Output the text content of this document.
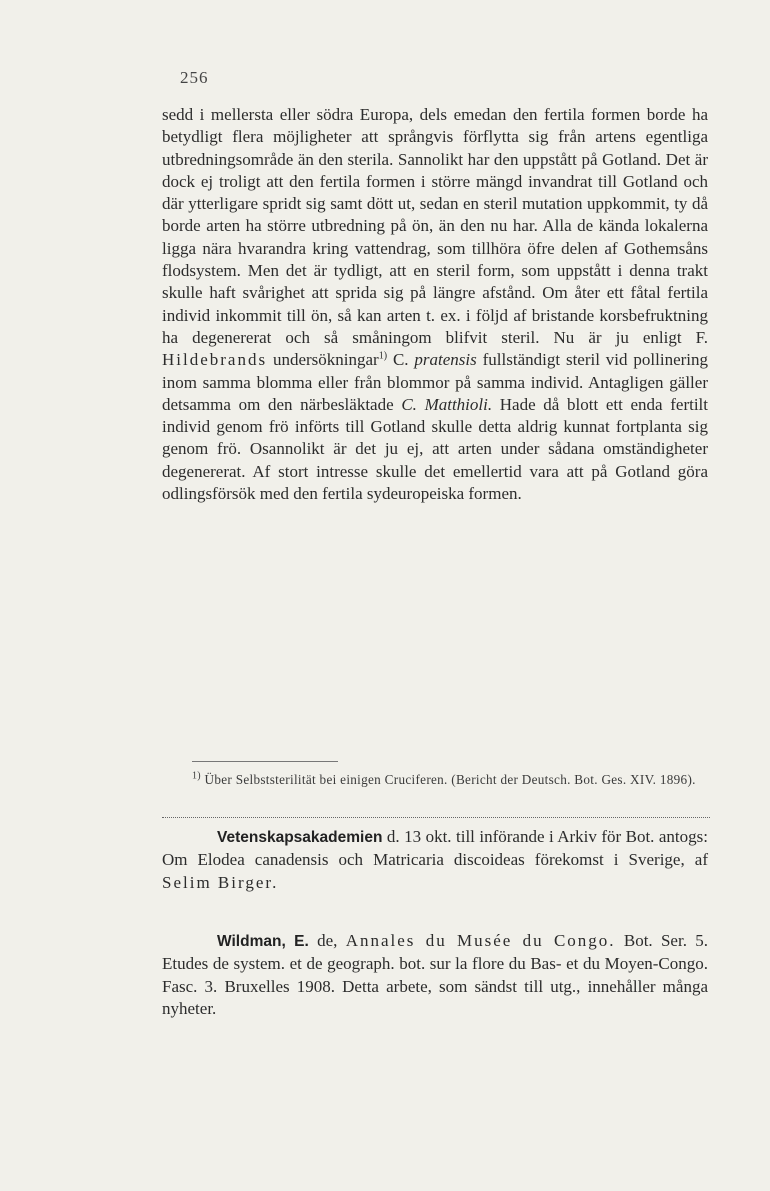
256

sedd i mellersta eller södra Europa, dels emedan den fertila formen borde ha betydligt flera möjligheter att språngvis förflytta sig från artens egentliga utbredningsområde än den sterila. Sannolikt har den uppstått på Gotland. Det är dock ej troligt att den fertila formen i större mängd invandrat till Gotland och där ytterligare spridt sig samt dött ut, sedan en steril mutation uppkommit, ty då borde arten ha större utbredning på ön, än den nu har. Alla de kända lokalerna ligga nära hvarandra kring vattendrag, som tillhöra öfre delen af Gothemsåns flodsystem. Men det är tydligt, att en steril form, som uppstått i denna trakt skulle haft svårighet att sprida sig på längre afstånd. Om åter ett fåtal fertila individ inkommit till ön, så kan arten t. ex. i följd af bristande korsbefruktning ha degenererat och så småningom blifvit steril. Nu är ju enligt F. Hildebrands undersökningar$^{1)}$ C. pratensis fullständigt steril vid pollinering inom samma blomma eller från blommor på samma individ. Antagligen gäller detsamma om den närbesläktade C. Matthioli. Hade då blott ett enda fertilt individ genom frö införts till Gotland skulle detta aldrig kunnat fortplanta sig genom frö. Osannolikt är det ju ej, att arten under sådana omständigheter degenererat. Af stort intresse skulle det emellertid vara att på Gotland göra odlingsförsök med den fertila sydeuropeiska formen.

$^{1)}$ Über Selbststerilität bei einigen Cruciferen. (Bericht der Deutsch. Bot. Ges. XIV. 1896).
Vetenskapsakademien d. 13 okt. till införande i Arkiv för Bot. antogs: Om Elodea canadensis och Matricaria discoideas förekomst i Sverige, af Selim Birger.
Wildman, E. de, Annales du Musée du Congo. Bot. Ser. 5. Etudes de system. et de geograph. bot. sur la flore du Bas- et du Moyen-Congo. Fasc. 3. Bruxelles 1908. Detta arbete, som sändst till utg., innehåller många nyheter.
